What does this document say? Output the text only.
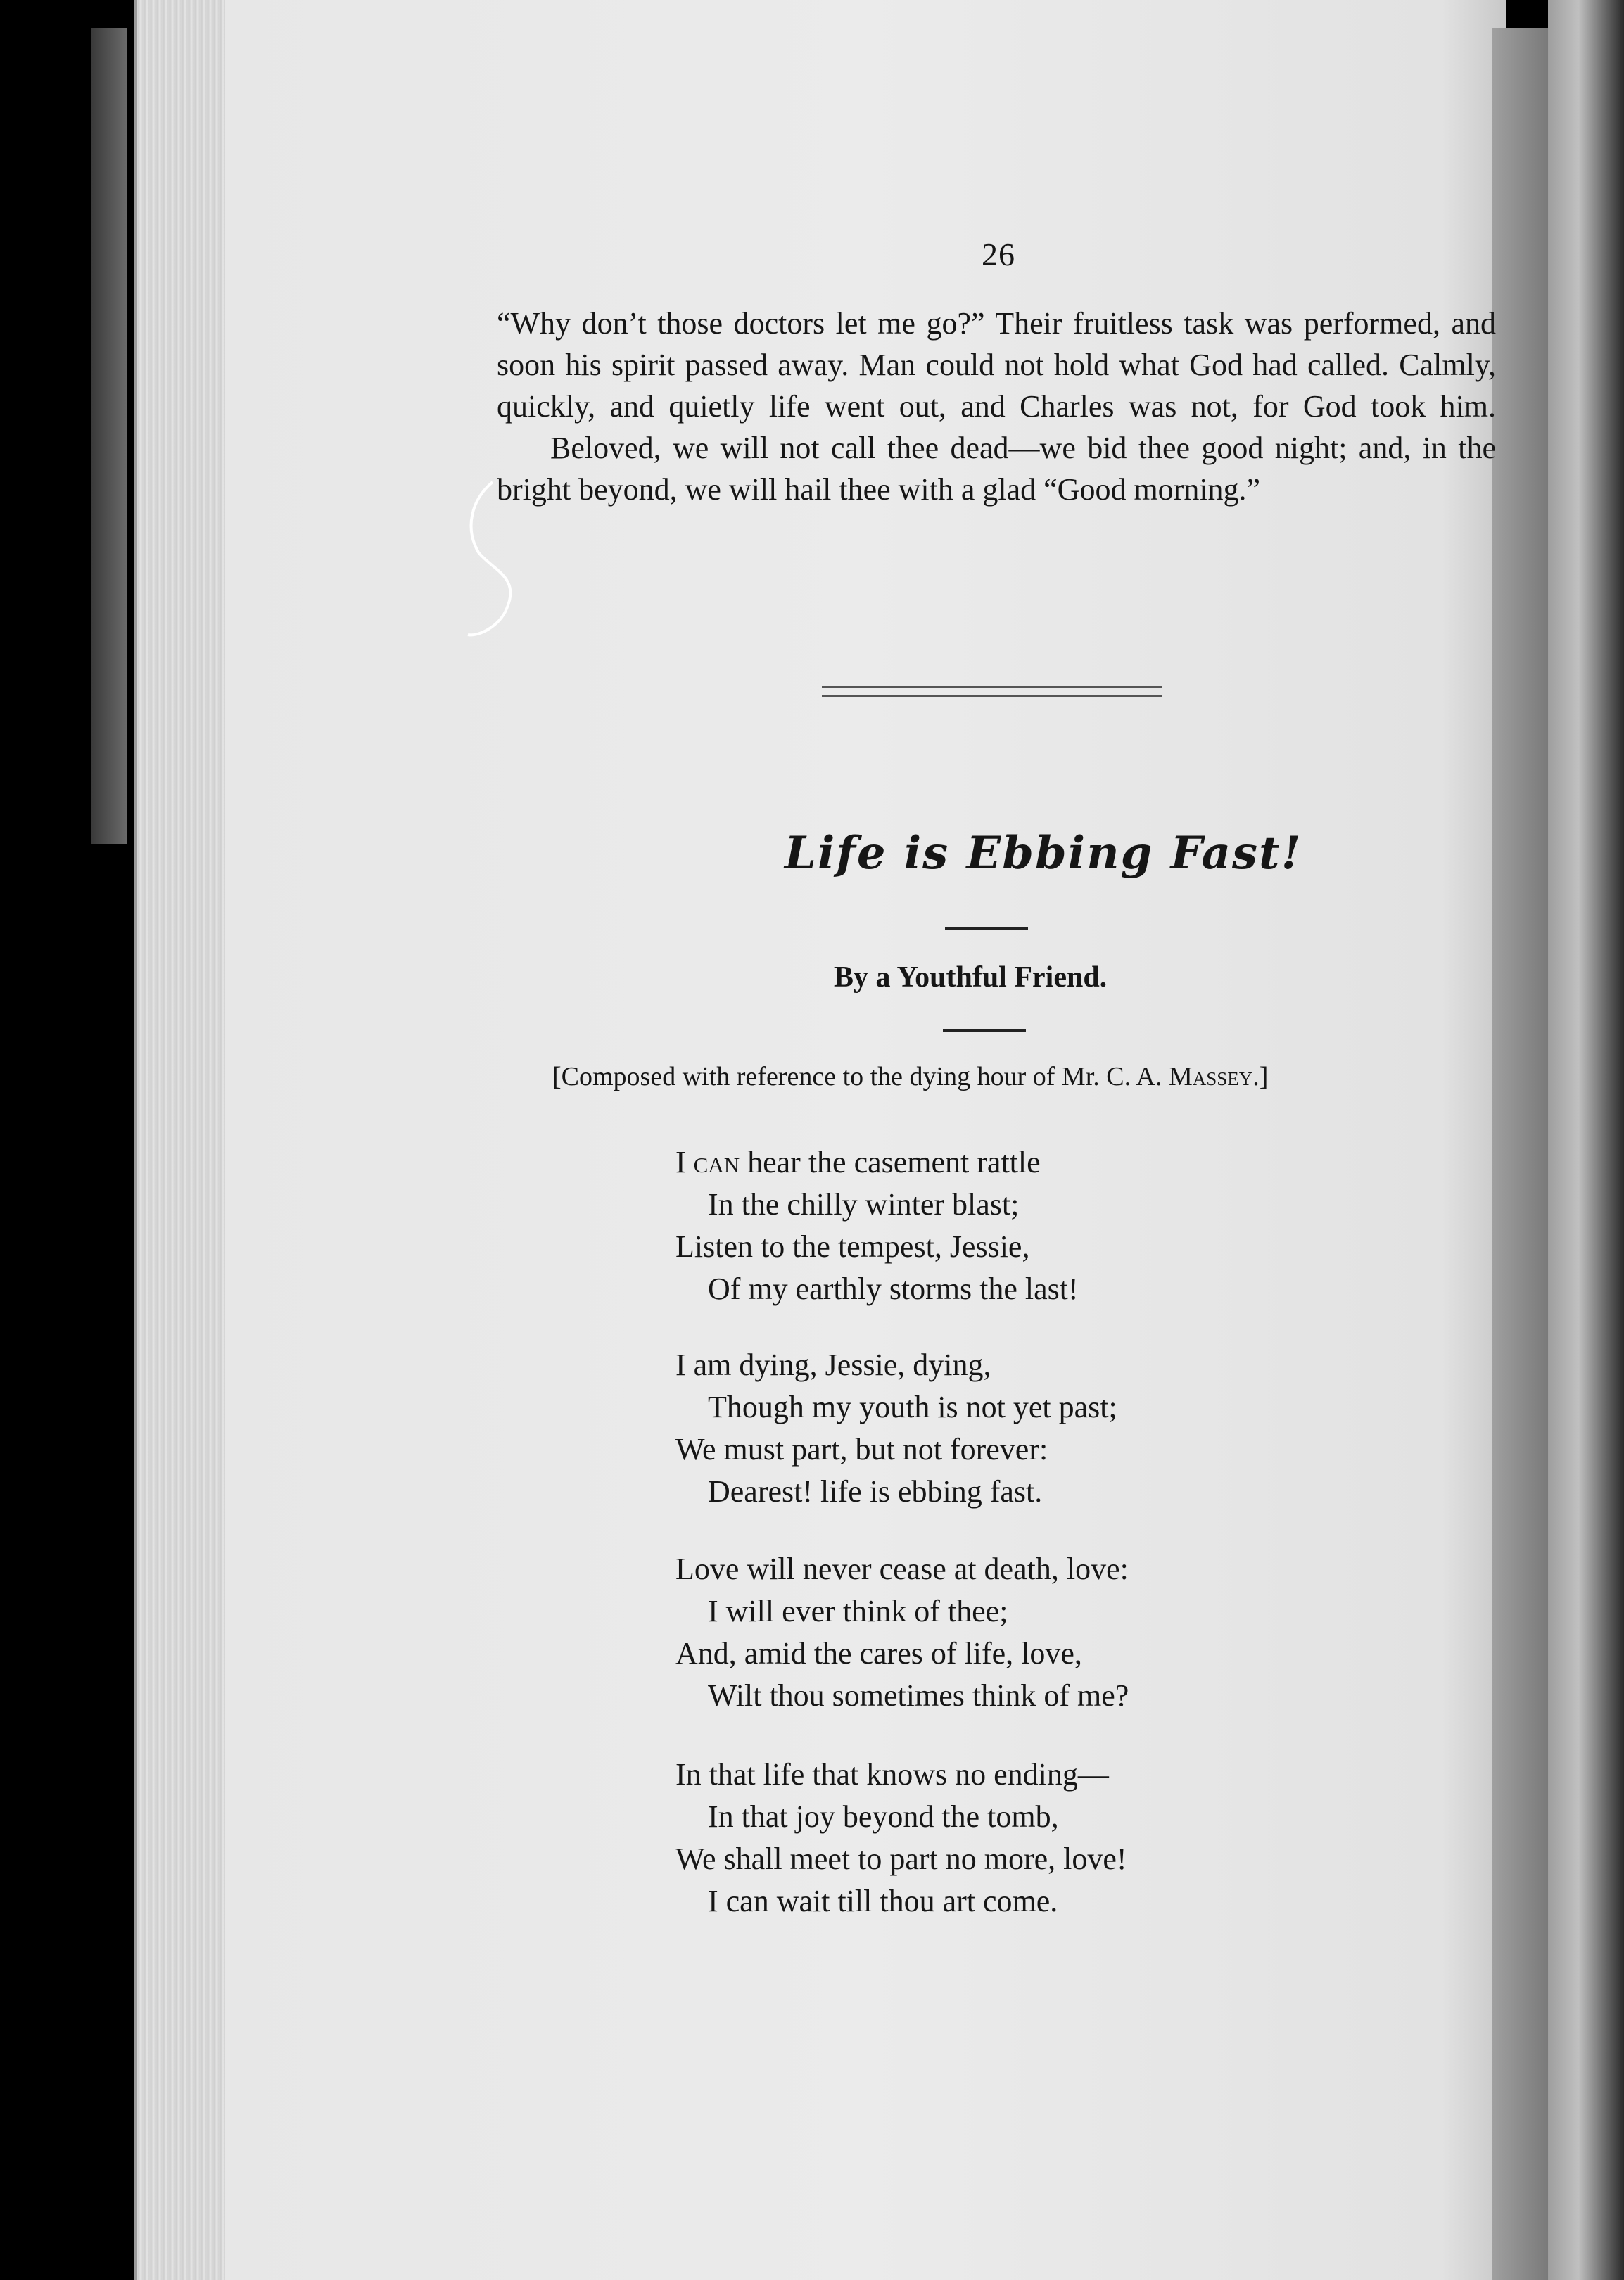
26

“Why don’t those doctors let me go?” Their fruitless task was performed, and soon his spirit passed away. Man could not hold what God had called. Calmly, quickly, and quietly life went out, and Charles was not, for God took him.

Beloved, we will not call thee dead—we bid thee good night; and, in the bright beyond, we will hail thee with a glad “Good morning.”

Life is Ebbing Fast!
By a Youthful Friend.
[Composed with reference to the dying hour of Mr. C. A. Massey.]
I can hear the casement rattle
In the chilly winter blast;
Listen to the tempest, Jessie,
Of my earthly storms the last!
I am dying, Jessie, dying,
Though my youth is not yet past;
We must part, but not forever:
Dearest! life is ebbing fast.
Love will never cease at death, love:
I will ever think of thee;
And, amid the cares of life, love,
Wilt thou sometimes think of me?
In that life that knows no ending—
In that joy beyond the tomb,
We shall meet to part no more, love!
I can wait till thou art come.
